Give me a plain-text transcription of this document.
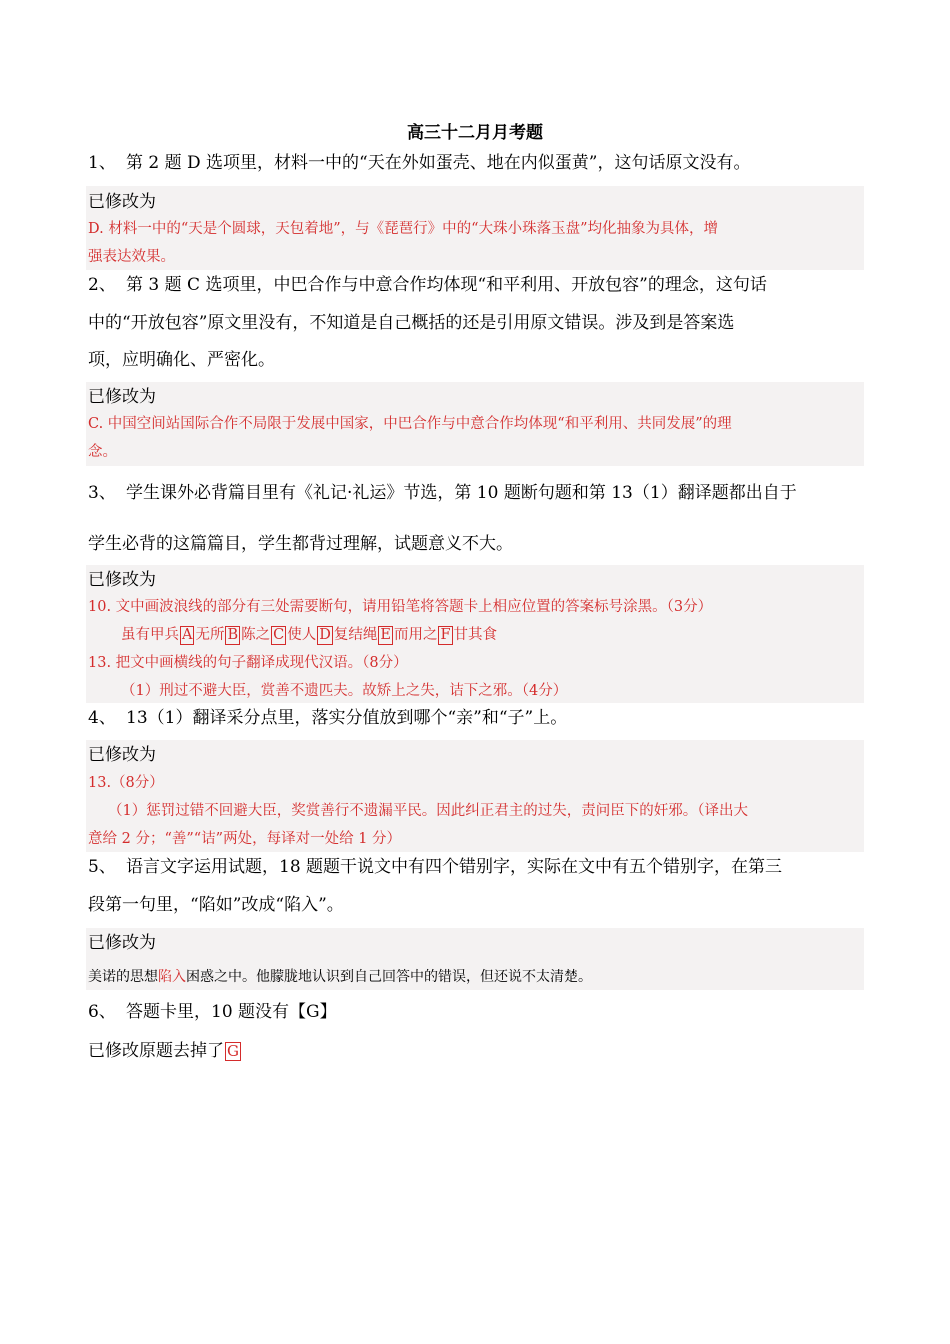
高三十二月月考题
1、 第 2 题 D 选项里，材料一中的“天在外如蛋壳、地在内似蛋黄”，这句话原文没有。
已修改为
D. 材料一中的“天是个圆球，天包着地”，与《琵琶行》中的“大珠小珠落玉盘”均化抽象为具体，增
强表达效果。
2、 第 3 题 C 选项里，中巴合作与中意合作均体现“和平利用、开放包容”的理念，这句话
中的“开放包容”原文里没有，不知道是自己概括的还是引用原文错误。涉及到是答案选
项，应明确化、严密化。
已修改为
C. 中国空间站国际合作不局限于发展中国家，中巴合作与中意合作均体现“和平利用、共同发展”的理
念。
3、 学生课外必背篇目里有《礼记·礼运》节选，第 10 题断句题和第 13（1）翻译题都出自于
学生必背的这篇篇目，学生都背过理解，试题意义不大。
已修改为
10. 文中画波浪线的部分有三处需要断句，请用铅笔将答题卡上相应位置的答案标号涂黑。（3分）
虽有甲兵 A 无所 B 陈之 C 使人 D 复结绳 E 而用之 F 甘其食
13. 把文中画横线的句子翻译成现代汉语。（8分）
（1）刑过不避大臣，赏善不遗匹夫。故矫上之失，诘下之邪。（4分）
4、 13（1）翻译采分点里，落实分值放到哪个“亲”和“子”上。
已修改为
13.（8分）
（1）惩罚过错不回避大臣，奖赏善行不遗漏平民。因此纠正君主的过失，责问臣下的奸邪。（译出大
意给 2 分；“善”“诘”两处，每译对一处给 1 分）
5、 语言文字运用试题，18 题题干说文中有四个错别字，实际在文中有五个错别字，在第三
段第一句里，“陷如”改成“陷入”。
已修改为
美诺的思想陷入困惑之中。他朦胧地认识到自己回答中的错误，但还说不太清楚。
6、 答题卡里，10 题没有【G】
已修改原题去掉了 G
